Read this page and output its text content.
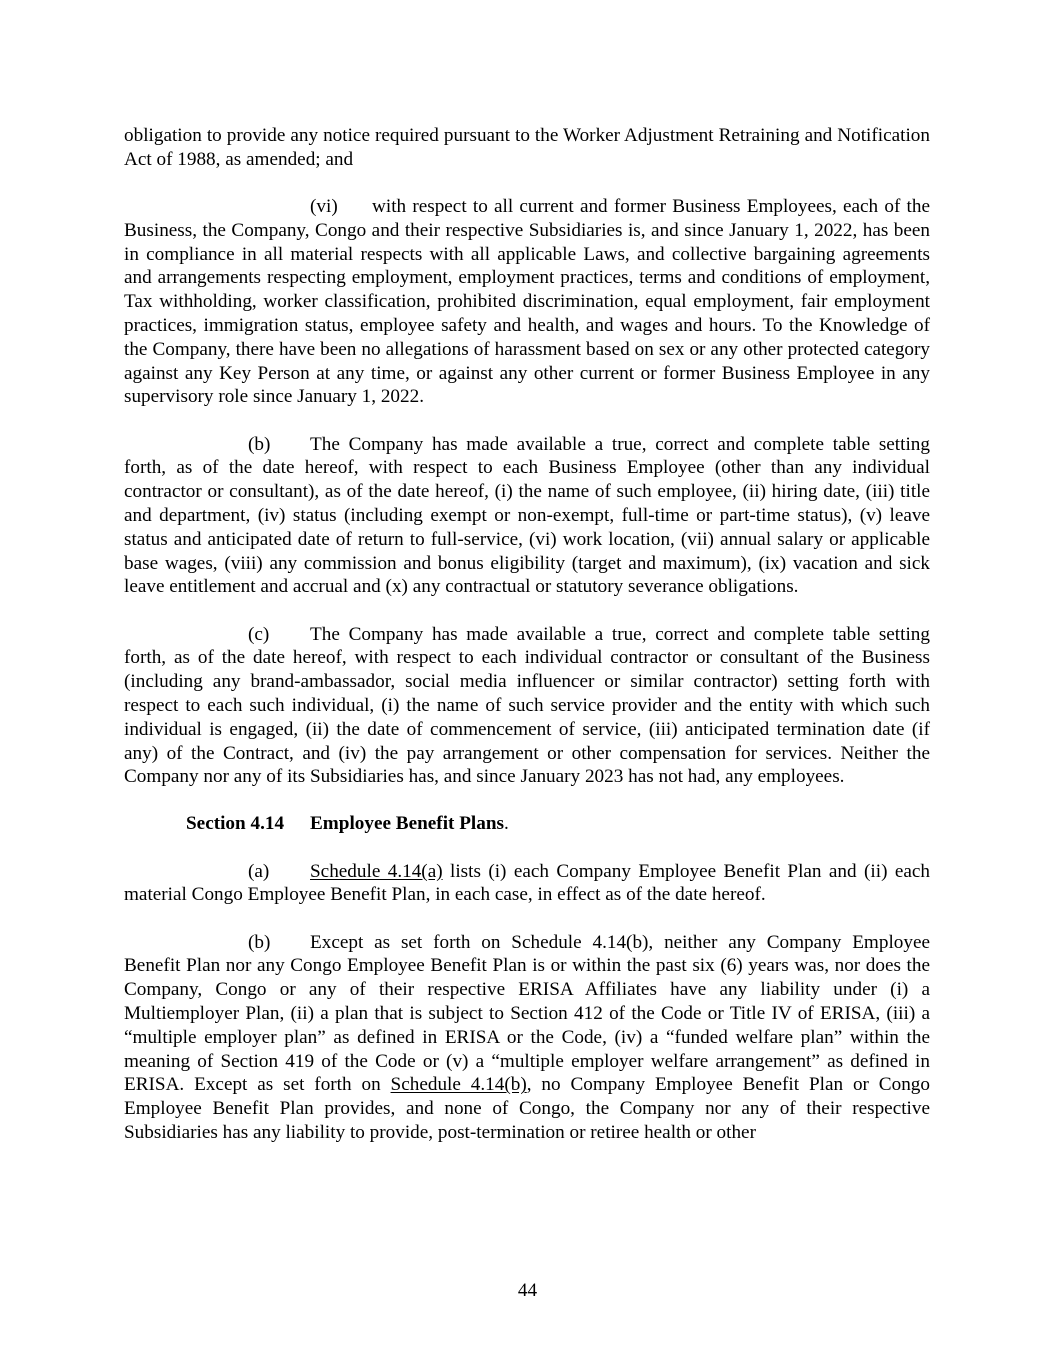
obligation to provide any notice required pursuant to the Worker Adjustment Retraining and Notification Act of 1988, as amended; and

(vi) with respect to all current and former Business Employees, each of the Business, the Company, Congo and their respective Subsidiaries is, and since January 1, 2022, has been in compliance in all material respects with all applicable Laws, and collective bargaining agreements and arrangements respecting employment, employment practices, terms and conditions of employment, Tax withholding, worker classification, prohibited discrimination, equal employment, fair employment practices, immigration status, employee safety and health, and wages and hours. To the Knowledge of the Company, there have been no allegations of harassment based on sex or any other protected category against any Key Person at any time, or against any other current or former Business Employee in any supervisory role since January 1, 2022.

(b) The Company has made available a true, correct and complete table setting forth, as of the date hereof, with respect to each Business Employee (other than any individual contractor or consultant), as of the date hereof, (i) the name of such employee, (ii) hiring date, (iii) title and department, (iv) status (including exempt or non-exempt, full-time or part-time status), (v) leave status and anticipated date of return to full-service, (vi) work location, (vii) annual salary or applicable base wages, (viii) any commission and bonus eligibility (target and maximum), (ix) vacation and sick leave entitlement and accrual and (x) any contractual or statutory severance obligations.

(c) The Company has made available a true, correct and complete table setting forth, as of the date hereof, with respect to each individual contractor or consultant of the Business (including any brand-ambassador, social media influencer or similar contractor) setting forth with respect to each such individual, (i) the name of such service provider and the entity with which such individual is engaged, (ii) the date of commencement of service, (iii) anticipated termination date (if any) of the Contract, and (iv) the pay arrangement or other compensation for services. Neither the Company nor any of its Subsidiaries has, and since January 2023 has not had, any employees.

Section 4.14 Employee Benefit Plans.

(a) Schedule 4.14(a) lists (i) each Company Employee Benefit Plan and (ii) each material Congo Employee Benefit Plan, in each case, in effect as of the date hereof.

(b) Except as set forth on Schedule 4.14(b), neither any Company Employee Benefit Plan nor any Congo Employee Benefit Plan is or within the past six (6) years was, nor does the Company, Congo or any of their respective ERISA Affiliates have any liability under (i) a Multiemployer Plan, (ii) a plan that is subject to Section 412 of the Code or Title IV of ERISA, (iii) a “multiple employer plan” as defined in ERISA or the Code, (iv) a “funded welfare plan” within the meaning of Section 419 of the Code or (v) a “multiple employer welfare arrangement” as defined in ERISA. Except as set forth on Schedule 4.14(b), no Company Employee Benefit Plan or Congo Employee Benefit Plan provides, and none of Congo, the Company nor any of their respective Subsidiaries has any liability to provide, post-termination or retiree health or other

44
